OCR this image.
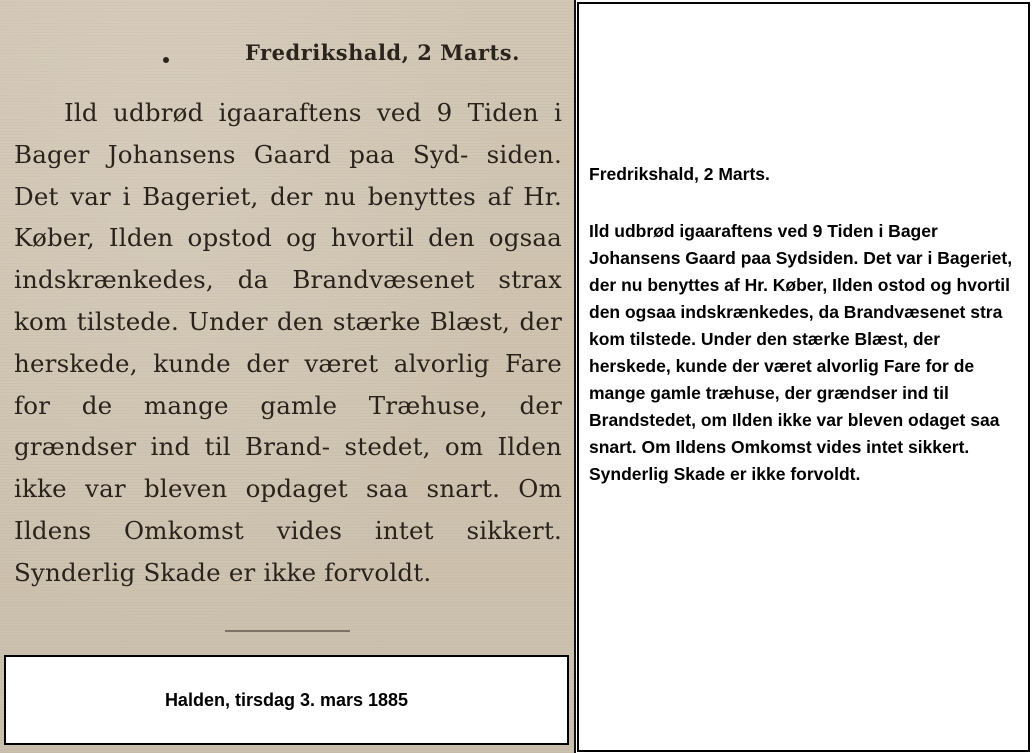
Fredrikshald, 2 Marts.
Ild udbrød igaaraftens ved 9 Tiden i Bager Johansens Gaard paa Syd- siden. Det var i Bageriet, der nu benyttes af Hr. Køber, Ilden opstod og hvortil den ogsaa indskrænkedes, da Brandvæsenet strax kom tilstede. Under den stærke Blæst, der herskede, kunde der været alvorlig Fare for de mange gamle Træhuse, der grændser ind til Brand- stedet, om Ilden ikke var bleven opdaget saa snart. Om Ildens Omkomst vides intet sikkert. Synderlig Skade er ikke forvoldt.
Halden, tirsdag 3. mars 1885
Fredrikshald, 2 Marts.
Ild udbrød igaaraftens ved 9 Tiden i Bager Johansens Gaard paa Sydsiden. Det var i Bageriet, der nu benyttes af Hr. Køber, Ilden ostod og hvortil den ogsaa indskrænkedes, da Brandvæsenet stra kom tilstede. Under den stærke Blæst, der herskede, kunde der været alvorlig Fare for de mange gamle træhuse, der grændser ind til Brandstedet, om Ilden ikke var bleven odaget saa snart. Om Ildens Omkomst vides intet sikkert. Synderlig Skade er ikke forvoldt.
